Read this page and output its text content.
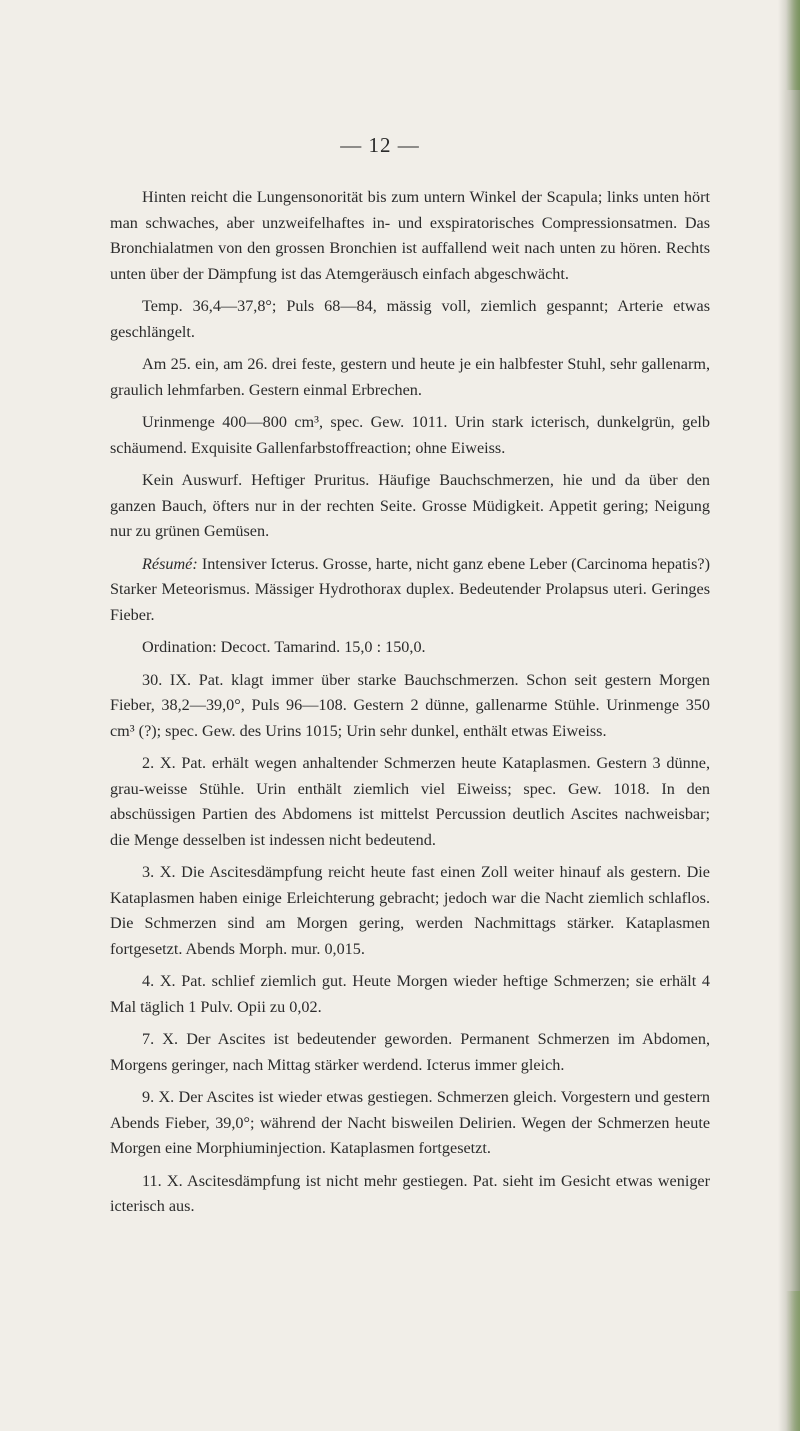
— 12 —

Hinten reicht die Lungensonorität bis zum untern Winkel der Scapula; links unten hört man schwaches, aber unzweifelhaftes in- und exspiratorisches Compressionsatmen. Das Bronchialatmen von den grossen Bronchien ist auffallend weit nach unten zu hören. Rechts unten über der Dämpfung ist das Atemgeräusch einfach abgeschwächt.

Temp. 36,4—37,8°; Puls 68—84, mässig voll, ziemlich gespannt; Arterie etwas geschlängelt.

Am 25. ein, am 26. drei feste, gestern und heute je ein halbfester Stuhl, sehr gallenarm, graulich lehmfarben. Gestern einmal Erbrechen.

Urinmenge 400—800 cm³, spec. Gew. 1011. Urin stark icterisch, dunkelgrün, gelb schäumend. Exquisite Gallenfarbstoffreaction; ohne Eiweiss.

Kein Auswurf. Heftiger Pruritus. Häufige Bauchschmerzen, hie und da über den ganzen Bauch, öfters nur in der rechten Seite. Grosse Müdigkeit. Appetit gering; Neigung nur zu grünen Gemüsen.

Résumé: Intensiver Icterus. Grosse, harte, nicht ganz ebene Leber (Carcinoma hepatis?) Starker Meteorismus. Mässiger Hydrothorax duplex. Bedeutender Prolapsus uteri. Geringes Fieber.

Ordination: Decoct. Tamarind. 15,0 : 150,0.

30. IX. Pat. klagt immer über starke Bauchschmerzen. Schon seit gestern Morgen Fieber, 38,2—39,0°, Puls 96—108. Gestern 2 dünne, gallenarme Stühle. Urinmenge 350 cm³ (?); spec. Gew. des Urins 1015; Urin sehr dunkel, enthält etwas Eiweiss.

2. X. Pat. erhält wegen anhaltender Schmerzen heute Kataplasmen. Gestern 3 dünne, grau-weisse Stühle. Urin enthält ziemlich viel Eiweiss; spec. Gew. 1018. In den abschüssigen Partien des Abdomens ist mittelst Percussion deutlich Ascites nachweisbar; die Menge desselben ist indessen nicht bedeutend.

3. X. Die Ascitesdämpfung reicht heute fast einen Zoll weiter hinauf als gestern. Die Kataplasmen haben einige Erleichterung gebracht; jedoch war die Nacht ziemlich schlaflos. Die Schmerzen sind am Morgen gering, werden Nachmittags stärker. Kataplasmen fortgesetzt. Abends Morph. mur. 0,015.

4. X. Pat. schlief ziemlich gut. Heute Morgen wieder heftige Schmerzen; sie erhält 4 Mal täglich 1 Pulv. Opii zu 0,02.

7. X. Der Ascites ist bedeutender geworden. Permanent Schmerzen im Abdomen, Morgens geringer, nach Mittag stärker werdend. Icterus immer gleich.

9. X. Der Ascites ist wieder etwas gestiegen. Schmerzen gleich. Vorgestern und gestern Abends Fieber, 39,0°; während der Nacht bisweilen Delirien. Wegen der Schmerzen heute Morgen eine Morphiuminjection. Kataplasmen fortgesetzt.

11. X. Ascitesdämpfung ist nicht mehr gestiegen. Pat. sieht im Gesicht etwas weniger icterisch aus.
